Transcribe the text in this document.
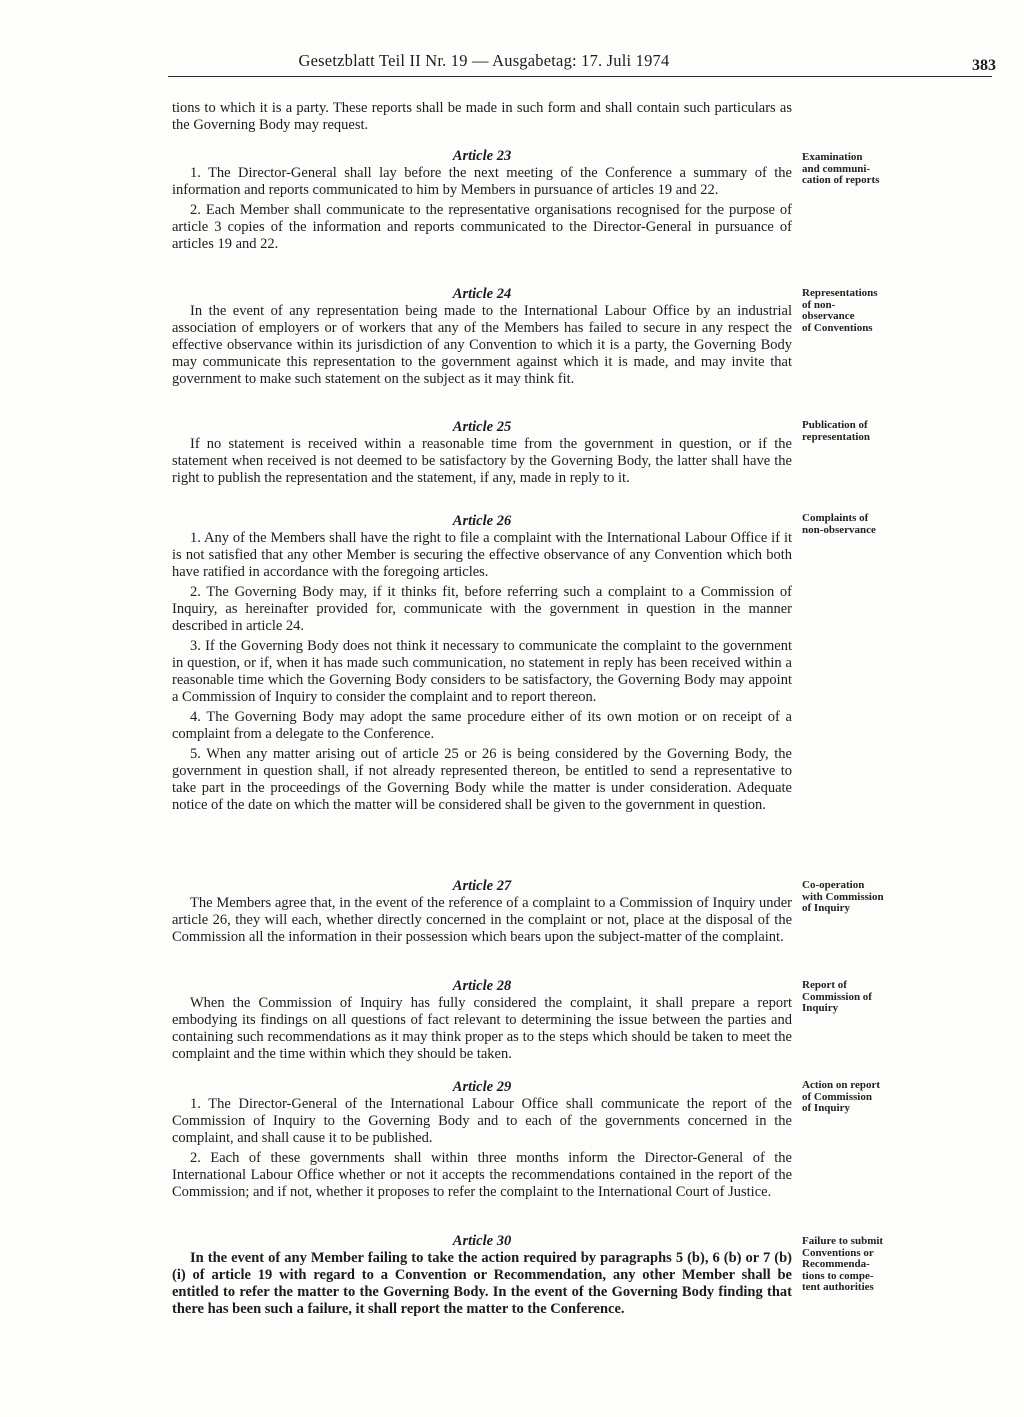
Gesetzblatt Teil II Nr. 19 — Ausgabetag: 17. Juli 1974	383

tions to which it is a party. These reports shall be made in such form and shall contain such particulars as the Governing Body may request.

Article 23

1. The Director-General shall lay before the next meeting of the Conference a summary of the information and reports communicated to him by Members in pursuance of articles 19 and 22.

2. Each Member shall communicate to the representative organisations recognised for the purpose of article 3 copies of the information and reports communicated to the Director-General in pursuance of articles 19 and 22.

Examination
and communi-
cation of reports
Article 24

In the event of any representation being made to the International Labour Office by an industrial association of employers or of workers that any of the Members has failed to secure in any respect the effective observance within its jurisdiction of any Convention to which it is a party, the Governing Body may communicate this representation to the government against which it is made, and may invite that government to make such statement on the subject as it may think fit.

Representations
of non-
observance
of Conventions
Article 25

If no statement is received within a reasonable time from the government in question, or if the statement when received is not deemed to be satisfactory by the Governing Body, the latter shall have the right to publish the representation and the statement, if any, made in reply to it.

Publication of
representation
Article 26

1. Any of the Members shall have the right to file a complaint with the International Labour Office if it is not satisfied that any other Member is securing the effective observance of any Convention which both have ratified in accordance with the foregoing articles.

2. The Governing Body may, if it thinks fit, before referring such a complaint to a Commission of Inquiry, as hereinafter provided for, communicate with the government in question in the manner described in article 24.

3. If the Governing Body does not think it necessary to communicate the complaint to the government in question, or if, when it has made such communication, no statement in reply has been received within a reasonable time which the Governing Body considers to be satisfactory, the Governing Body may appoint a Commission of Inquiry to consider the complaint and to report thereon.

4. The Governing Body may adopt the same procedure either of its own motion or on receipt of a complaint from a delegate to the Conference.

5. When any matter arising out of article 25 or 26 is being considered by the Governing Body, the government in question shall, if not already represented thereon, be entitled to send a representative to take part in the proceedings of the Governing Body while the matter is under consideration. Adequate notice of the date on which the matter will be considered shall be given to the government in question.

Complaints of
non-observance
Article 27

The Members agree that, in the event of the reference of a complaint to a Commission of Inquiry under article 26, they will each, whether directly concerned in the complaint or not, place at the disposal of the Commission all the information in their possession which bears upon the subject-matter of the complaint.

Co-operation
with Commission
of Inquiry
Article 28

When the Commission of Inquiry has fully considered the complaint, it shall prepare a report embodying its findings on all questions of fact relevant to determining the issue between the parties and containing such recommendations as it may think proper as to the steps which should be taken to meet the complaint and the time within which they should be taken.

Report of
Commission of
Inquiry
Article 29

1. The Director-General of the International Labour Office shall communicate the report of the Commission of Inquiry to the Governing Body and to each of the governments concerned in the complaint, and shall cause it to be published.

2. Each of these governments shall within three months inform the Director-General of the International Labour Office whether or not it accepts the recommendations contained in the report of the Commission; and if not, whether it proposes to refer the complaint to the International Court of Justice.

Action on report
of Commission
of Inquiry
Article 30

In the event of any Member failing to take the action required by paragraphs 5 (b), 6 (b) or 7 (b) (i) of article 19 with regard to a Convention or Recommendation, any other Member shall be entitled to refer the matter to the Governing Body. In the event of the Governing Body finding that there has been such a failure, it shall report the matter to the Conference.

Failure to submit
Conventions or
Recommenda-
tions to compe-
tent authorities
